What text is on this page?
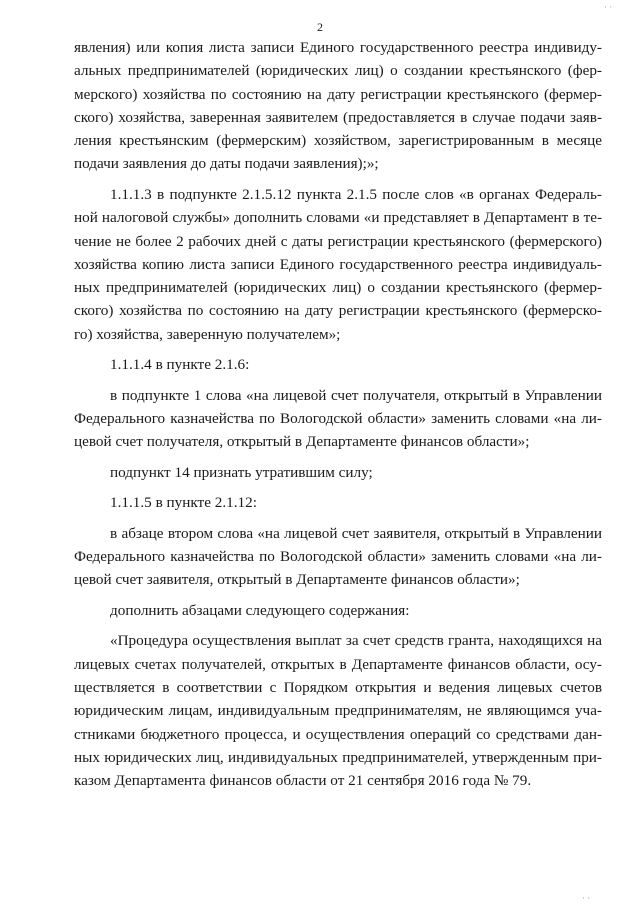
2

явления) или копия листа записи Единого государственного реестра индивиду-
альных предпринимателей (юридических лиц) о создании крестьянского (фер-
мерского) хозяйства по состоянию на дату регистрации крестьянского (фермер-
ского) хозяйства, заверенная заявителем (предоставляется в случае подачи заяв-
ления крестьянским (фермерским) хозяйством, зарегистрированным в месяце
подачи заявления до даты подачи заявления);»;

1.1.1.3 в подпункте 2.1.5.12 пункта 2.1.5 после слов «в органах Федераль-
ной налоговой службы» дополнить словами «и представляет в Департамент в те-
чение не более 2 рабочих дней с даты регистрации крестьянского (фермерского)
хозяйства копию листа записи Единого государственного реестра индивидуаль-
ных предпринимателей (юридических лиц) о создании крестьянского (фермер-
ского) хозяйства по состоянию на дату регистрации крестьянского (фермерско-
го) хозяйства, заверенную получателем»;

1.1.1.4 в пункте 2.1.6:

в подпункте 1 слова «на лицевой счет получателя, открытый в Управлении
Федерального казначейства по Вологодской области» заменить словами «на ли-
цевой счет получателя, открытый в Департаменте финансов области»;

подпункт 14 признать утратившим силу;

1.1.1.5 в пункте 2.1.12:

в абзаце втором слова «на лицевой счет заявителя, открытый в Управлении
Федерального казначейства по Вологодской области» заменить словами «на ли-
цевой счет заявителя, открытый в Департаменте финансов области»;

дополнить абзацами следующего содержания:

«Процедура осуществления выплат за счет средств гранта, находящихся на
лицевых счетах получателей, открытых в Департаменте финансов области, осу-
ществляется в соответствии с Порядком открытия и ведения лицевых счетов
юридическим лицам, индивидуальным предпринимателям, не являющимся уча-
стниками бюджетного процесса, и осуществления операций со средствами дан-
ных юридических лиц, индивидуальных предпринимателей, утвержденным при-
казом Департамента финансов области от 21 сентября 2016 года № 79.

· ·
· ·
